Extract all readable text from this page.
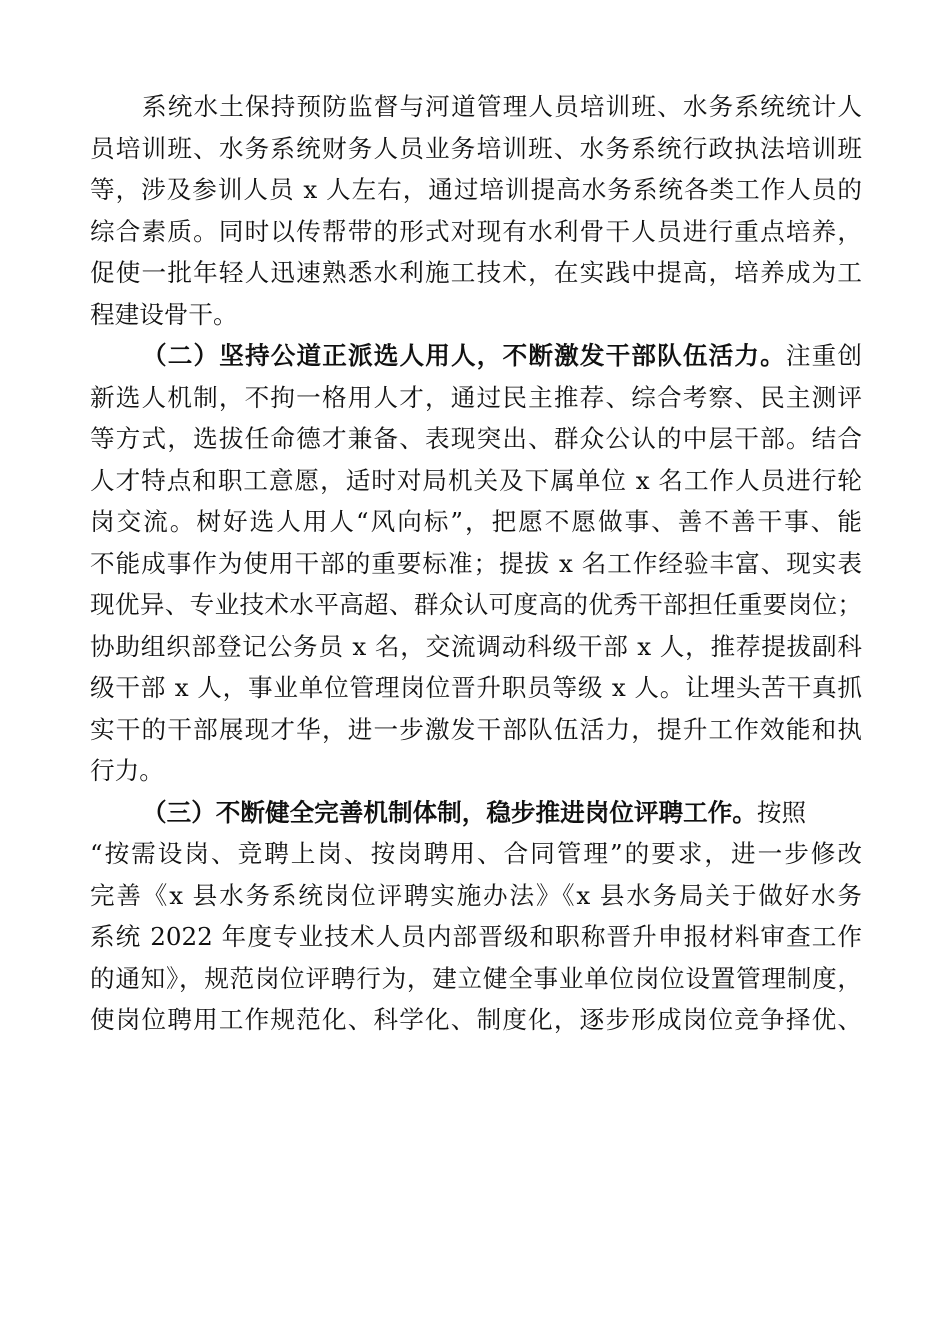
系统水土保持预防监督与河道管理人员培训班、水务系统统计人
员培训班、水务系统财务人员业务培训班、水务系统行政执法培训班
等，涉及参训人员 x 人左右，通过培训提高水务系统各类工作人员的
综合素质。同时以传帮带的形式对现有水利骨干人员进行重点培养，
促使一批年轻人迅速熟悉水利施工技术，在实践中提高，培养成为工
程建设骨干。
（二）坚持公道正派选人用人，不断激发干部队伍活力。注重创
新选人机制，不拘一格用人才，通过民主推荐、综合考察、民主测评
等方式，选拔任命德才兼备、表现突出、群众公认的中层干部。结合
人才特点和职工意愿，适时对局机关及下属单位 x 名工作人员进行轮
岗交流。树好选人用人“风向标”，把愿不愿做事、善不善干事、能
不能成事作为使用干部的重要标准；提拔 x 名工作经验丰富、现实表
现优异、专业技术水平高超、群众认可度高的优秀干部担任重要岗位；
协助组织部登记公务员 x 名，交流调动科级干部 x 人，推荐提拔副科
级干部 x 人，事业单位管理岗位晋升职员等级 x 人。让埋头苦干真抓
实干的干部展现才华，进一步激发干部队伍活力，提升工作效能和执
行力。
（三）不断健全完善机制体制，稳步推进岗位评聘工作。按照
“按需设岗、竞聘上岗、按岗聘用、合同管理”的要求，进一步修改
完善《x 县水务系统岗位评聘实施办法》《x 县水务局关于做好水务
系统 2022 年度专业技术人员内部晋级和职称晋升申报材料审查工作
的通知》，规范岗位评聘行为，建立健全事业单位岗位设置管理制度，
使岗位聘用工作规范化、科学化、制度化，逐步形成岗位竞争择优、
